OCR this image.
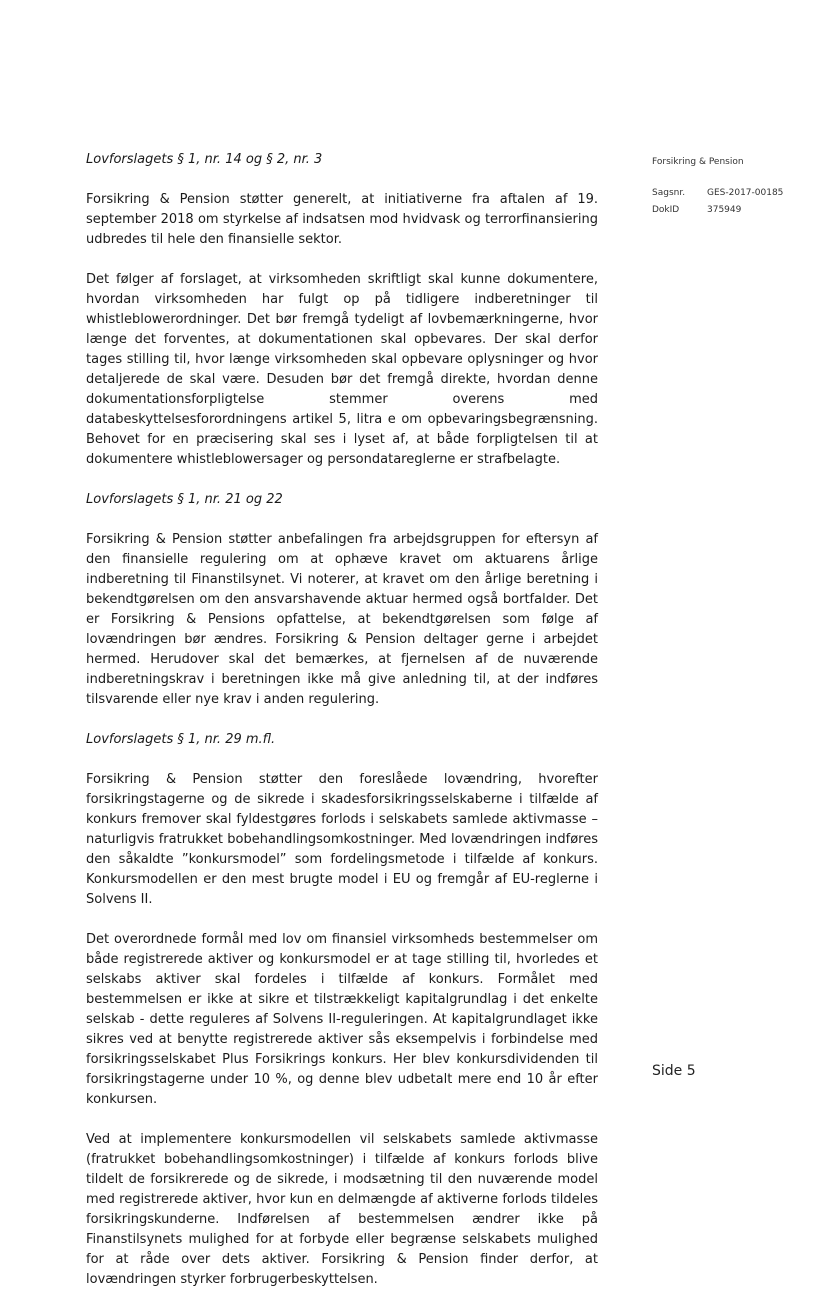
Forsikring & Pension
Sagsnr.	GES-2017-00185
DokID	375949

Lovforslagets § 1, nr. 14 og § 2, nr. 3

Forsikring & Pension støtter generelt, at initiativerne fra aftalen af 19. september 2018 om styrkelse af indsatsen mod hvidvask og terrorfinansiering udbredes til hele den finansielle sektor.

Det følger af forslaget, at virksomheden skriftligt skal kunne dokumentere, hvordan virksomheden har fulgt op på tidligere indberetninger til whistleblowerordninger. Det bør fremgå tydeligt af lovbemærkningerne, hvor længe det forventes, at dokumentationen skal opbevares. Der skal derfor tages stilling til, hvor længe virksomheden skal opbevare oplysninger og hvor detaljerede de skal være. Desuden bør det fremgå direkte, hvordan denne dokumentationsforpligtelse stemmer overens med databeskyttelsesforordningens artikel 5, litra e om opbevaringsbegrænsning. Behovet for en præcisering skal ses i lyset af, at både forpligtelsen til at dokumentere whistleblowersager og persondatareglerne er strafbelagte.

Lovforslagets § 1, nr. 21 og 22

Forsikring & Pension støtter anbefalingen fra arbejdsgruppen for eftersyn af den finansielle regulering om at ophæve kravet om aktuarens årlige indberetning til Finanstilsynet. Vi noterer, at kravet om den årlige beretning i bekendtgørelsen om den ansvarshavende aktuar hermed også bortfalder. Det er Forsikring & Pensions opfattelse, at bekendtgørelsen som følge af lovændringen bør ændres. Forsikring & Pension deltager gerne i arbejdet hermed. Herudover skal det bemærkes, at fjernelsen af de nuværende indberetningskrav i beretningen ikke må give anledning til, at der indføres tilsvarende eller nye krav i anden regulering.

Lovforslagets § 1, nr. 29 m.fl.

Forsikring & Pension støtter den foreslåede lovændring, hvorefter forsikringstagerne og de sikrede i skadesforsikringsselskaberne i tilfælde af konkurs fremover skal fyldestgøres forlods i selskabets samlede aktivmasse – naturligvis fratrukket bobehandlingsomkostninger. Med lovændringen indføres den såkaldte ”konkursmodel” som fordelingsmetode i tilfælde af konkurs. Konkursmodellen er den mest brugte model i EU og fremgår af EU-reglerne i Solvens II.

Det overordnede formål med lov om finansiel virksomheds bestemmelser om både registrerede aktiver og konkursmodel er at tage stilling til, hvorledes et selskabs aktiver skal fordeles i tilfælde af konkurs. Formålet med bestemmelsen er ikke at sikre et tilstrækkeligt kapitalgrundlag i det enkelte selskab - dette reguleres af Solvens II-reguleringen. At kapitalgrundlaget ikke sikres ved at benytte registrerede aktiver sås eksempelvis i forbindelse med forsikringsselskabet Plus Forsikrings konkurs. Her blev konkursdividenden til forsikringstagerne under 10 %, og denne blev udbetalt mere end 10 år efter konkursen.

Ved at implementere konkursmodellen vil selskabets samlede aktivmasse (fratrukket bobehandlingsomkostninger) i tilfælde af konkurs forlods blive tildelt de forsikrerede og de sikrede, i modsætning til den nuværende model med registrerede aktiver, hvor kun en delmængde af aktiverne forlods tildeles forsikringskunderne. Indførelsen af bestemmelsen ændrer ikke på Finanstilsynets mulighed for at forbyde eller begrænse selskabets mulighed for at råde over dets aktiver. Forsikring & Pension finder derfor, at lovændringen styrker forbrugerbeskyttelsen.

Side 5
